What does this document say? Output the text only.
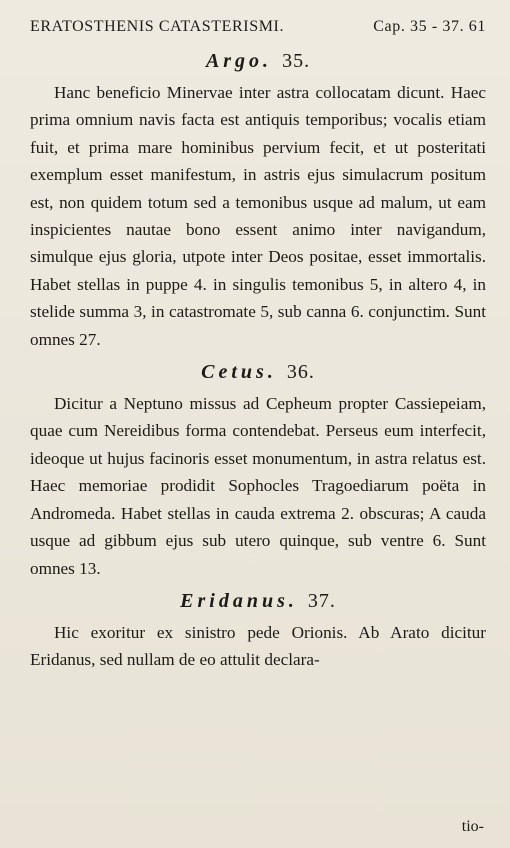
ERATOSTHENIS CATASTERISMI.	Cap. 35 - 37. 61
Argo. 35.

Hanc beneficio Minervae inter astra collocatam dicunt. Haec prima omnium navis facta est antiquis temporibus; vocalis etiam fuit, et prima mare hominibus pervium fecit, et ut posteritati exemplum esset manifestum, in astris ejus simulacrum positum est, non quidem totum sed a temonibus usque ad malum, ut eam inspicientes nautae bono essent animo inter navigandum, simulque ejus gloria, utpote inter Deos positae, esset immortalis. Habet stellas in puppe 4. in singulis temonibus 5, in altero 4, in stelide summa 3, in catastromate 5, sub canna 6. conjunctim. Sunt omnes 27.

Cetus. 36.

Dicitur a Neptuno missus ad Cepheum propter Cassiepeiam, quae cum Nereidibus forma contendebat. Perseus eum interfecit, ideoque ut hujus facinoris esset monumentum, in astra relatus est. Haec memoriae prodidit Sophocles Tragoediarum poëta in Andromeda. Habet stellas in cauda extrema 2. obscuras; A cauda usque ad gibbum ejus sub utero quinque, sub ventre 6. Sunt omnes 13.

Eridanus. 37.

Hic exoritur ex sinistro pede Orionis. Ab Arato dicitur Eridanus, sed nullam de eo attulit declara-

tio-
